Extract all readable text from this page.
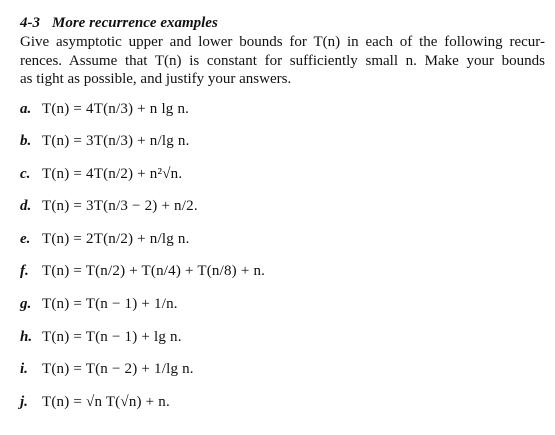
4-3 More recurrence examples
Give asymptotic upper and lower bounds for T(n) in each of the following recur-
rences. Assume that T(n) is constant for sufficiently small n. Make your bounds
as tight as possible, and justify your answers.
a. T(n) = 4T(n/3) + n lg n.
b. T(n) = 3T(n/3) + n/lg n.
c. T(n) = 4T(n/2) + n²√n.
d. T(n) = 3T(n/3 − 2) + n/2.
e. T(n) = 2T(n/2) + n/lg n.
f. T(n) = T(n/2) + T(n/4) + T(n/8) + n.
g. T(n) = T(n − 1) + 1/n.
h. T(n) = T(n − 1) + lg n.
i. T(n) = T(n − 2) + 1/lg n.
j. T(n) = √n T(√n) + n.
